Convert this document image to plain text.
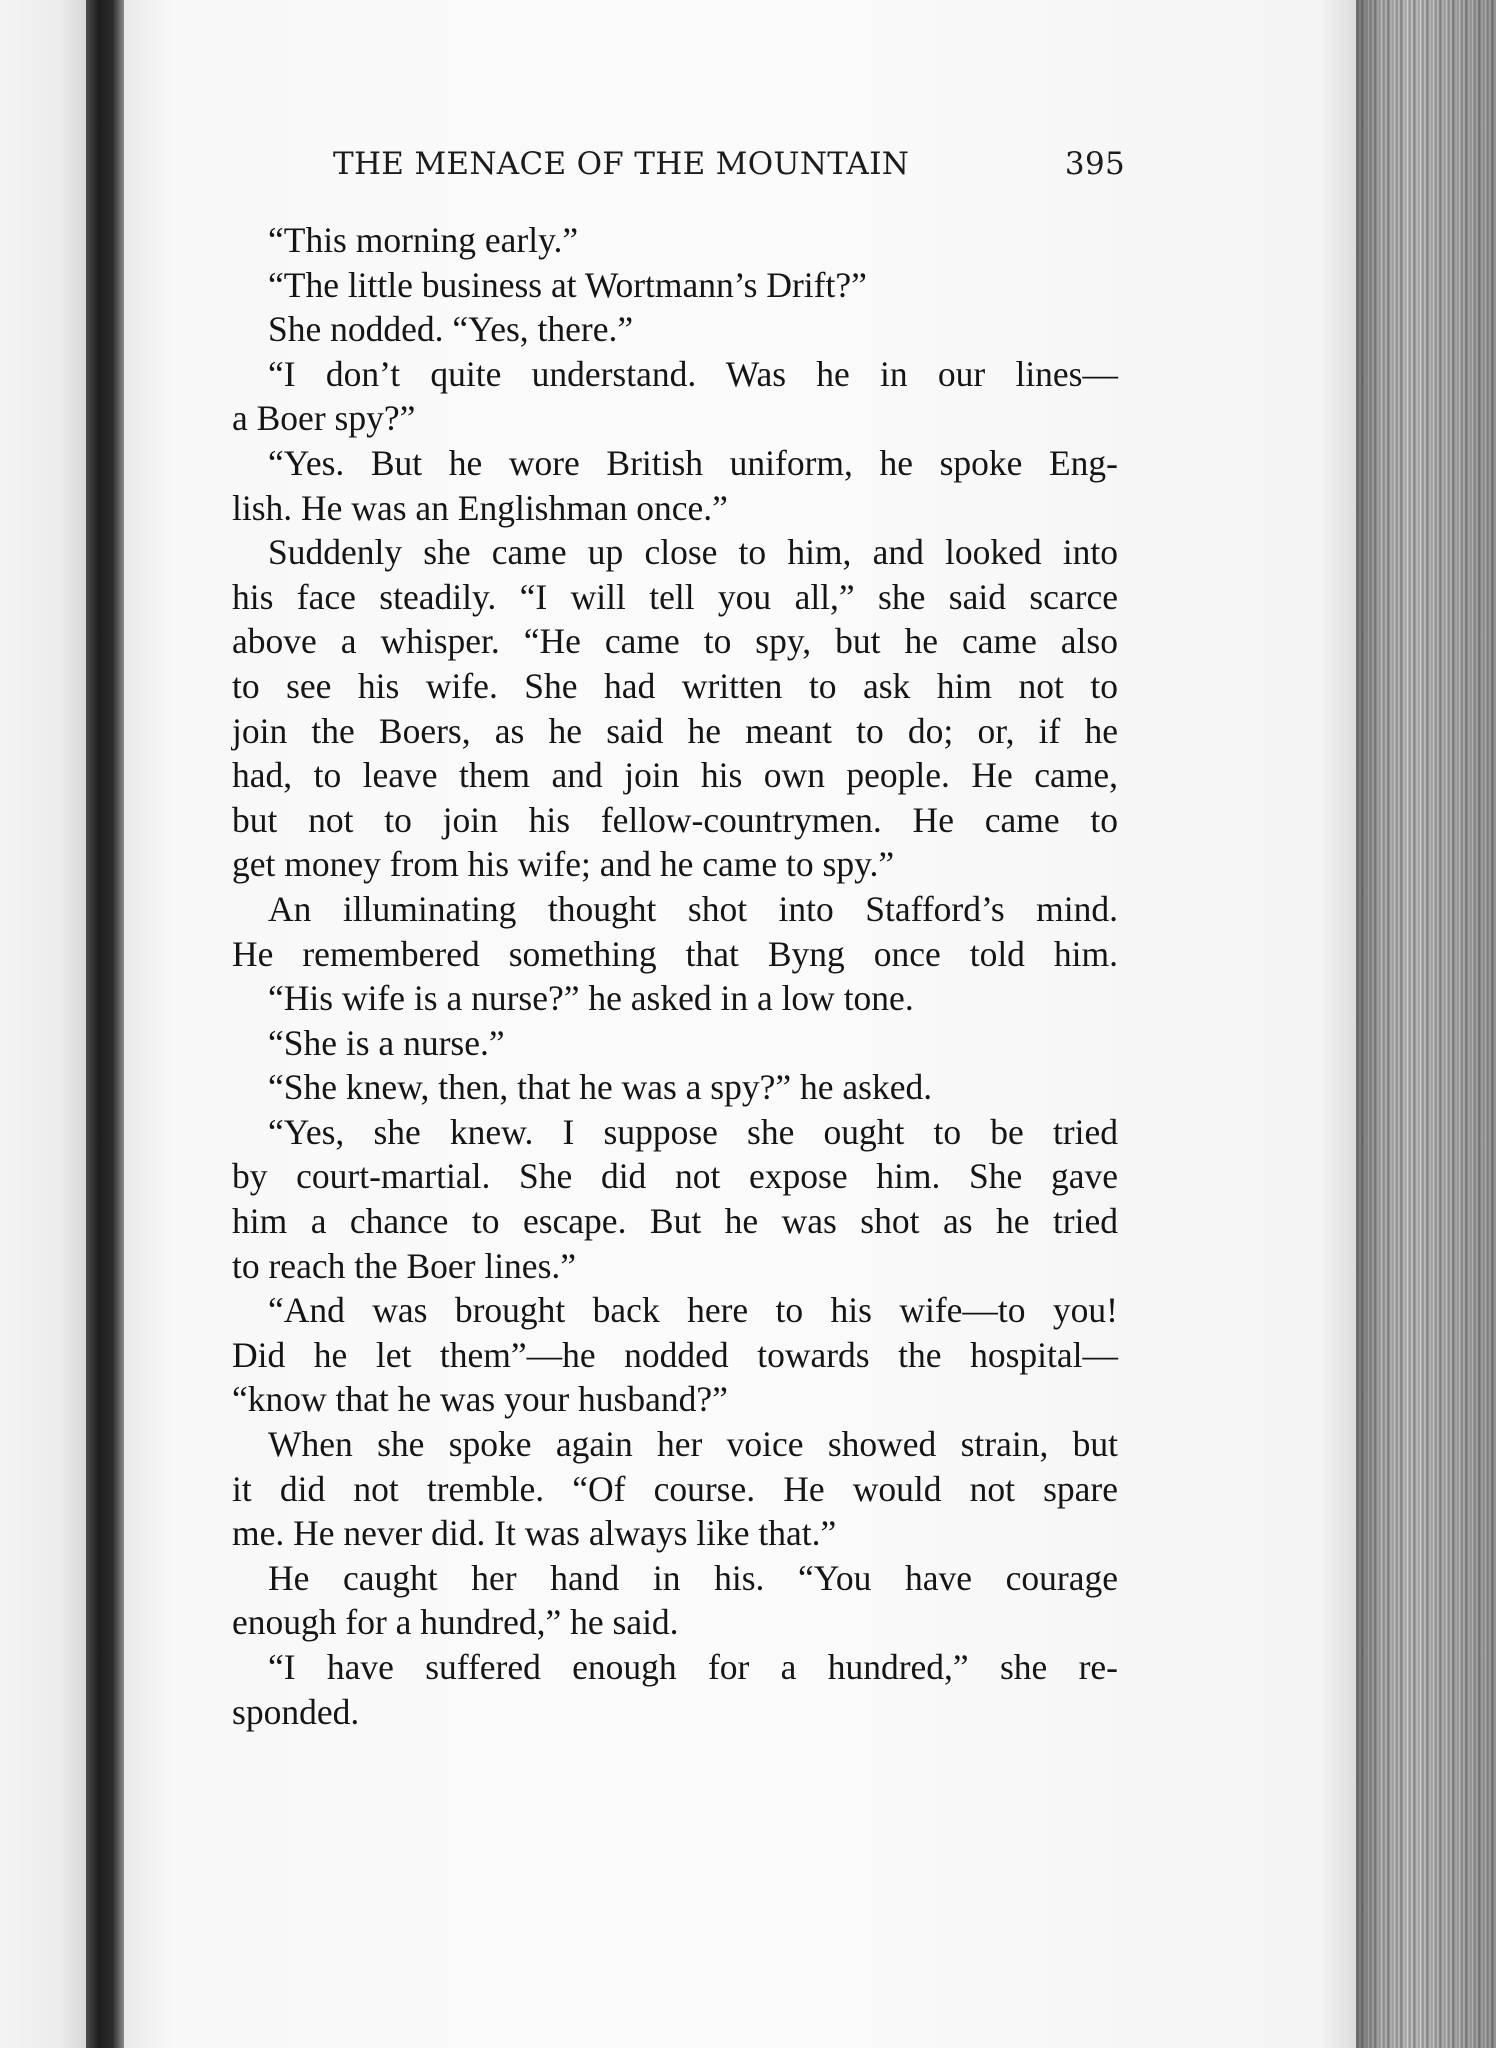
THE MENACE OF THE MOUNTAIN	395
“This morning early.”
“The little business at Wortmann’s Drift?”
She nodded. “Yes, there.”
“I don’t quite understand. Was he in our lines—
a Boer spy?”
“Yes. But he wore British uniform, he spoke Eng-
lish. He was an Englishman once.”
Suddenly she came up close to him, and looked into
his face steadily. “I will tell you all,” she said scarce
above a whisper. “He came to spy, but he came also
to see his wife. She had written to ask him not to
join the Boers, as he said he meant to do; or, if he
had, to leave them and join his own people. He came,
but not to join his fellow-countrymen. He came to
get money from his wife; and he came to spy.”
An illuminating thought shot into Stafford’s mind.
He remembered something that Byng once told him.
“His wife is a nurse?” he asked in a low tone.
“She is a nurse.”
“She knew, then, that he was a spy?” he asked.
“Yes, she knew. I suppose she ought to be tried
by court-martial. She did not expose him. She gave
him a chance to escape. But he was shot as he tried
to reach the Boer lines.”
“And was brought back here to his wife—to you!
Did he let them”—he nodded towards the hospital—
“know that he was your husband?”
When she spoke again her voice showed strain, but
it did not tremble. “Of course. He would not spare
me. He never did. It was always like that.”
He caught her hand in his. “You have courage
enough for a hundred,” he said.
“I have suffered enough for a hundred,” she re-
sponded.
